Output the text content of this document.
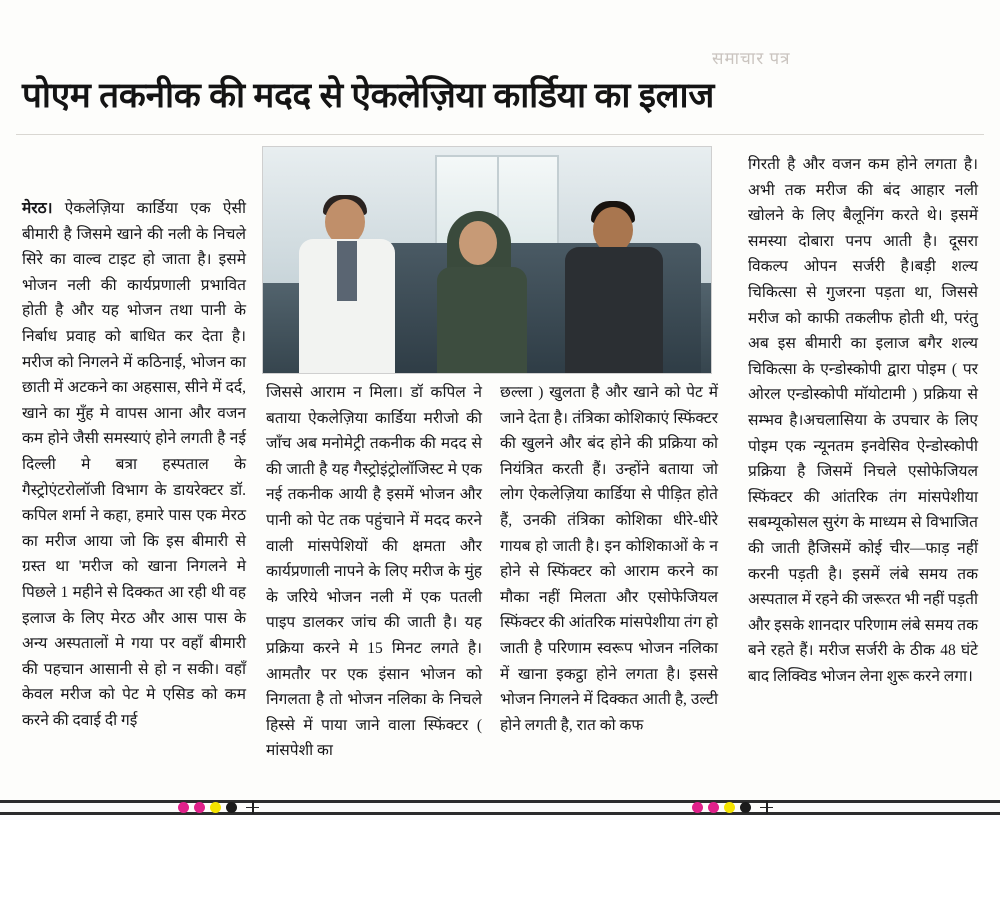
समाचार पत्र
पोएम तकनीक की मदद से ऐकलेज़िया कार्डिया का इलाज

मेरठ। ऐकलेज़िया कार्डिया एक ऐसी बीमारी है जिसमे खाने की नली के निचले सिरे का वाल्व टाइट हो जाता है। इसमे भोजन नली की कार्यप्रणाली प्रभावित होती है और यह भोजन तथा पानी के निर्बाध प्रवाह को बाधित कर देता है। मरीज को निगलने में कठिनाई, भोजन का छाती में अटकने का अहसास, सीने में दर्द, खाने का मुँह मे वापस आना और वजन कम होने जैसी समस्याएं होने लगती है नई दिल्ली मे बत्रा हस्पताल के गैस्ट्रोएंटरोलॉजी विभाग के डायरेक्टर डॉ. कपिल शर्मा ने कहा, हमारे पास एक मेरठ का मरीज आया जो कि इस बीमारी से ग्रस्त था 'मरीज को खाना निगलने मे पिछले 1 महीने से दिक्कत आ रही थी वह इलाज के लिए मेरठ और आस पास के अन्य अस्पतालों मे गया पर वहाँ बीमारी की पहचान आसानी से हो न सकी। वहाँ केवल मरीज को पेट मे एसिड को कम करने की दवाई दी गई

जिससे आराम न मिला। डॉ कपिल ने बताया ऐकलेज़िया कार्डिया मरीजो की जाँच अब मनोमेट्री तकनीक की मदद से की जाती है यह गैस्ट्रोइंट्रोलॉजिस्ट मे एक नई तकनीक आयी है इसमें भोजन और पानी को पेट तक पहुंचाने में मदद करने वाली मांसपेशियों की क्षमता और कार्यप्रणाली नापने के लिए मरीज के मुंह के जरिये भोजन नली में एक पतली पाइप डालकर जांच की जाती है। यह प्रक्रिया करने मे 15 मिनट लगते है। आमतौर पर एक इंसान भोजन को निगलता है तो भोजन नलिका के निचले हिस्से में पाया जाने वाला स्फिंक्टर ( मांसपेशी का

छल्ला ) खुलता है और खाने को पेट में जाने देता है। तंत्रिका कोशिकाएं स्फिंक्टर की खुलने और बंद होने की प्रक्रिया को नियंत्रित करती हैं। उन्होंने बताया जो लोग ऐकलेज़िया कार्डिया से पीड़ित होते हैं, उनकी तंत्रिका कोशिका धीरे-धीरे गायब हो जाती है। इन कोशिकाओं के न होने से स्फिंक्टर को आराम करने का मौका नहीं मिलता और एसोफेजियल स्फिंक्टर की आंतरिक मांसपेशीया तंग हो जाती है परिणाम स्वरूप भोजन नलिका में खाना इकट्ठा होने लगता है। इससे भोजन निगलने में दिक्कत आती है, उल्टी होने लगती है, रात को कफ

गिरती है और वजन कम होने लगता है।अभी तक मरीज की बंद आहार नली खोलने के लिए बैलूनिंग करते थे। इसमें समस्या दोबारा पनप आती है। दूसरा विकल्प ओपन सर्जरी है।बड़ी शल्य चिकित्सा से गुजरना पड़ता था, जिससे मरीज को काफी तकलीफ होती थी, परंतु अब इस बीमारी का इलाज बगैर शल्य चिकित्सा के एन्डोस्कोपी द्वारा पोइम ( पर ओरल एन्डोस्कोपी मॉयोटामी ) प्रक्रिया से सम्भव है।अचलासिया के उपचार के लिए पोइम एक न्यूनतम इनवेसिव ऐन्डोस्कोपी प्रक्रिया है जिसमें निचले एसोफेजियल स्फिंक्टर की आंतरिक तंग मांसपेशीया सबम्यूकोसल सुरंग के माध्यम से विभाजित की जाती हैजिसमें कोई चीर—फाड़ नहीं करनी पड़ती है। इसमें लंबे समय तक अस्पताल में रहने की जरूरत भी नहीं पड़ती और इसके शानदार परिणाम लंबे समय तक बने रहते हैं। मरीज सर्जरी के ठीक 48 घंटे बाद लिक्विड भोजन लेना शुरू करने लगा।
